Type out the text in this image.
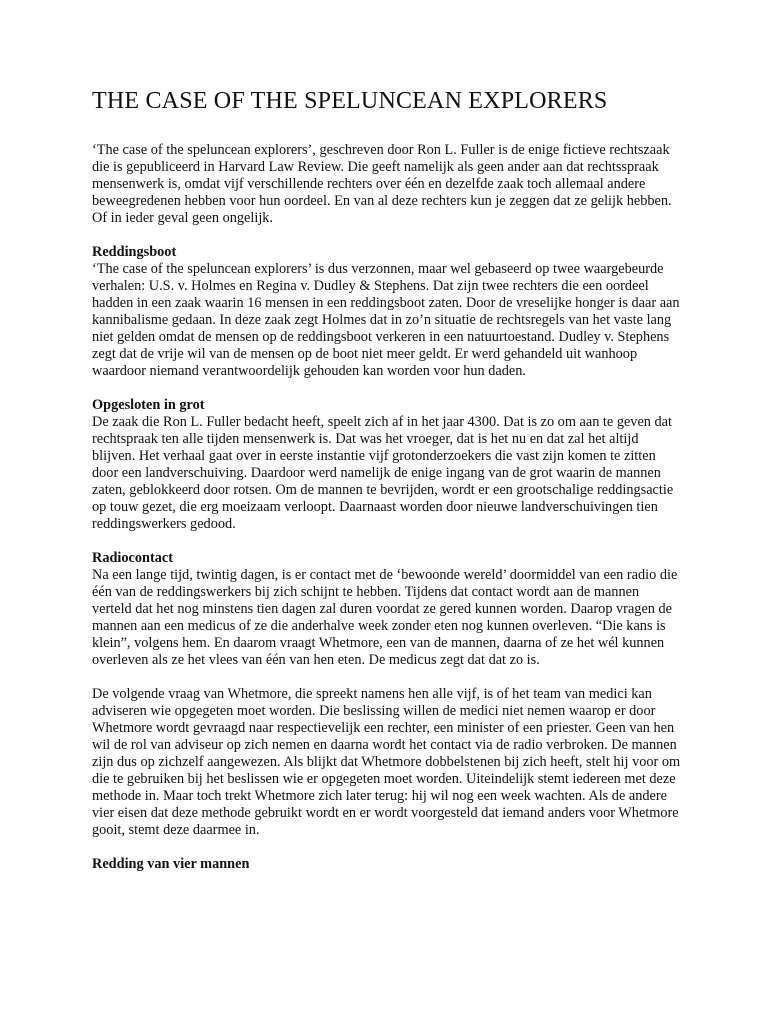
THE CASE OF THE SPELUNCEAN EXPLORERS

‘The case of the speluncean explorers’, geschreven door Ron L. Fuller is de enige fictieve rechtszaak die is gepubliceerd in Harvard Law Review. Die geeft namelijk als geen ander aan dat rechtsspraak mensenwerk is, omdat vijf verschillende rechters over één en dezelfde zaak toch allemaal andere beweegredenen hebben voor hun oordeel. En van al deze rechters kun je zeggen dat ze gelijk hebben. Of in ieder geval geen ongelijk.

Reddingsboot

‘The case of the speluncean explorers’ is dus verzonnen, maar wel gebaseerd op twee waargebeurde verhalen: U.S. v. Holmes en Regina v. Dudley & Stephens. Dat zijn twee rechters die een oordeel hadden in een zaak waarin 16 mensen in een reddingsboot zaten. Door de vreselijke honger is daar aan kannibalisme gedaan. In deze zaak zegt Holmes dat in zo’n situatie de rechtsregels van het vaste lang niet gelden omdat de mensen op de reddingsboot verkeren in een natuurtoestand. Dudley v. Stephens zegt dat de vrije wil van de mensen op de boot niet meer geldt. Er werd gehandeld uit wanhoop waardoor niemand verantwoordelijk gehouden kan worden voor hun daden.

Opgesloten in grot

De zaak die Ron L. Fuller bedacht heeft, speelt zich af in het jaar 4300. Dat is zo om aan te geven dat rechtspraak ten alle tijden mensenwerk is. Dat was het vroeger, dat is het nu en dat zal het altijd blijven. Het verhaal gaat over in eerste instantie vijf grotonderzoekers die vast zijn komen te zitten door een landverschuiving. Daardoor werd namelijk de enige ingang van de grot waarin de mannen zaten, geblokkeerd door rotsen. Om de mannen te bevrijden, wordt er een grootschalige reddingsactie op touw gezet, die erg moeizaam verloopt. Daarnaast worden door nieuwe landverschuivingen tien reddingswerkers gedood.

Radiocontact

Na een lange tijd, twintig dagen, is er contact met de ‘bewoonde wereld’ doormiddel van een radio die één van de reddingswerkers bij zich schijnt te hebben. Tijdens dat contact wordt aan de mannen verteld dat het nog minstens tien dagen zal duren voordat ze gered kunnen worden. Daarop vragen de mannen aan een medicus of ze die anderhalve week zonder eten nog kunnen overleven. “Die kans is klein”, volgens hem. En daarom vraagt Whetmore, een van de mannen, daarna of ze het wél kunnen overleven als ze het vlees van één van hen eten. De medicus zegt dat dat zo is.

De volgende vraag van Whetmore, die spreekt namens hen alle vijf, is of het team van medici kan adviseren wie opgegeten moet worden. Die beslissing willen de medici niet nemen waarop er door Whetmore wordt gevraagd naar respectievelijk een rechter, een minister of een priester. Geen van hen wil de rol van adviseur op zich nemen en daarna wordt het contact via de radio verbroken. De mannen zijn dus op zichzelf aangewezen. Als blijkt dat Whetmore dobbelstenen bij zich heeft, stelt hij voor om die te gebruiken bij het beslissen wie er opgegeten moet worden. Uiteindelijk stemt iedereen met deze methode in. Maar toch trekt Whetmore zich later terug: hij wil nog een week wachten. Als de andere vier eisen dat deze methode gebruikt wordt en er wordt voorgesteld dat iemand anders voor Whetmore gooit, stemt deze daarmee in.

Redding van vier mannen
